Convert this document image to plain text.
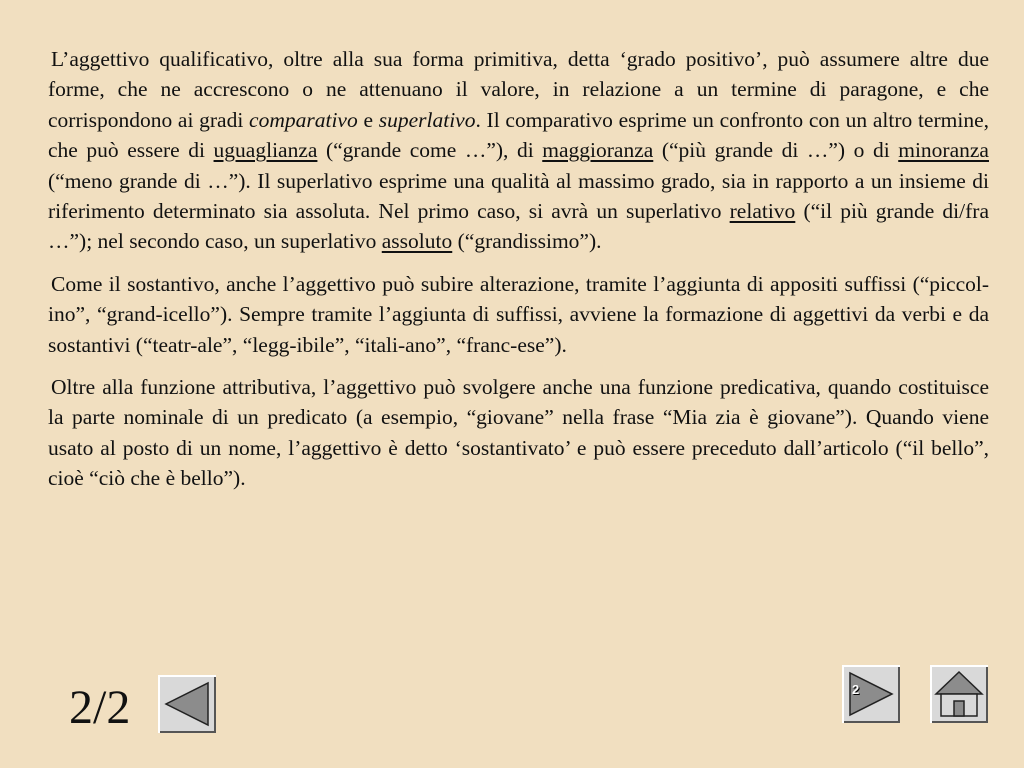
L’aggettivo qualificativo, oltre alla sua forma primitiva, detta ‘grado positivo’, può assumere altre due forme, che ne accrescono o ne attenuano il valore, in relazione a un termine di paragone, e che corrispondono ai gradi comparativo e superlativo. Il comparativo esprime un confronto con un altro termine, che può essere di uguaglianza (“grande come …”), di maggioranza (“più grande di …”) o di minoranza (“meno grande di …”). Il superlativo esprime una qualità al massimo grado, sia in rapporto a un insieme di riferimento determinato sia assoluta. Nel primo caso, si avrà un superlativo relativo (“il più grande di/fra …”); nel secondo caso, un superlativo assoluto (“grandissimo”).

Come il sostantivo, anche l’aggettivo può subire alterazione, tramite l’aggiunta di appositi suffissi (“piccol-ino”, “grand-icello”). Sempre tramite l’aggiunta di suffissi, avviene la formazione di aggettivi da verbi e da sostantivi (“teatr-ale”, “legg-ibile”, “itali-ano”, “franc-ese”).

Oltre alla funzione attributiva, l’aggettivo può svolgere anche una funzione predicativa, quando costituisce la parte nominale di un predicato (a esempio, “giovane” nella frase “Mia zia è giovane”). Quando viene usato al posto di un nome, l’aggettivo è detto ‘sostantivato’ e può essere preceduto dall’articolo (“il bello”, cioè “ciò che è bello”).

2/2	2
